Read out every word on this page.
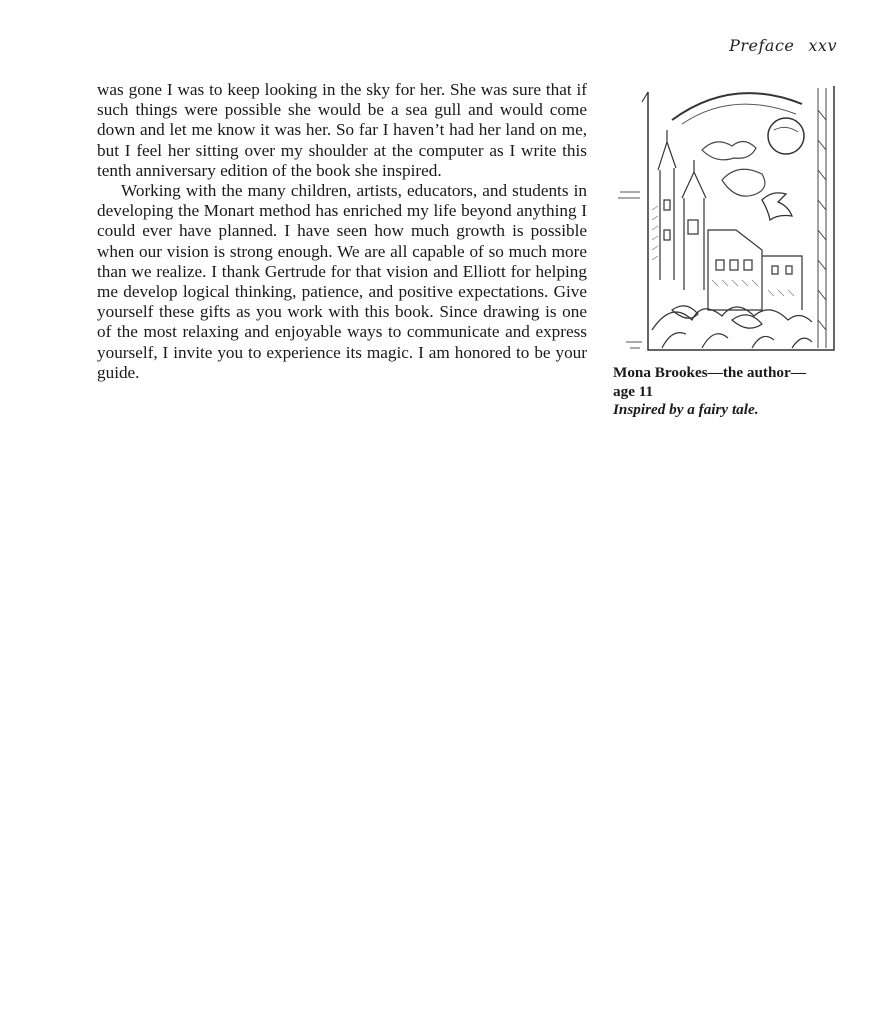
Preface xxv

was gone I was to keep looking in the sky for her. She was sure that if such things were possible she would be a sea gull and would come down and let me know it was her. So far I haven’t had her land on me, but I feel her sitting over my shoulder at the computer as I write this tenth anniversary edition of the book she inspired.

Working with the many children, artists, educators, and students in developing the Monart method has enriched my life beyond anything I could ever have planned. I have seen how much growth is possible when our vision is strong enough. We are all capable of so much more than we realize. I thank Gertrude for that vision and Elliott for helping me develop logical thinking, patience, and positive expectations. Give yourself these gifts as you work with this book. Since drawing is one of the most relaxing and enjoyable ways to communicate and express yourself, I invite you to experience its magic. I am honored to be your guide.	Mona Brookes—the author—
age 11
Inspired by a fairy tale.
